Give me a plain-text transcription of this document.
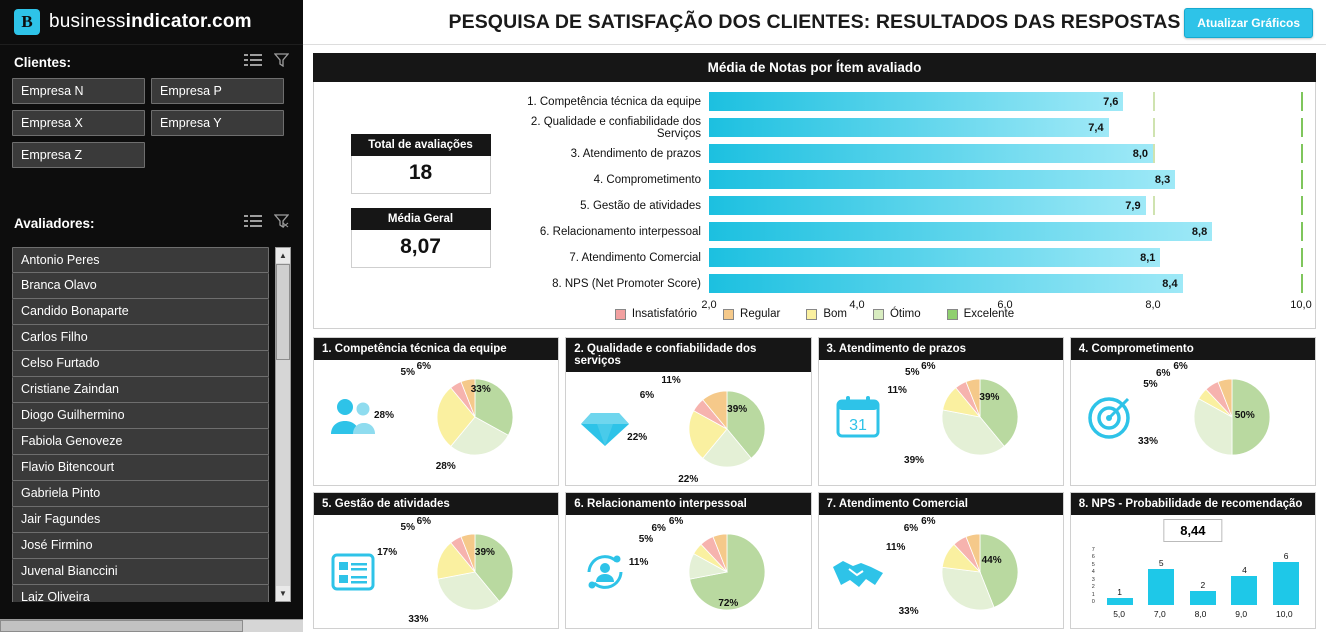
B businessindicator.com
Clientes:
Empresa N	Empresa P
Empresa X	Empresa Y
Empresa Z
Avaliadores:
Antonio Peres
Branca Olavo
Candido Bonaparte
Carlos Filho
Celso Furtado
Cristiane Zaindan
Diogo Guilhermino
Fabiola Genoveze
Flavio Bitencourt
Gabriela Pinto
Jair Fagundes
José Firmino
Juvenal Bianccini
Laiz Oliveira
▲
▼
PESQUISA DE SATISFAÇÃO DOS CLIENTES: RESULTADOS DAS RESPOSTAS	Atualizar Gráficos
Média de Notas por Ítem avaliado
Total de avaliações
18
Média Geral
8,07
1. Competência técnica da equipe	7,6
2. Qualidade e confiabilidade dos Serviços	7,4
3. Atendimento de prazos	8,0
4. Comprometimento	8,3
5. Gestão de atividades	7,9
6. Relacionamento interpessoal	8,8
7. Atendimento Comercial	8,1
8. NPS (Net Promoter Score)	8,4
2,0	4,0	6,0	8,0	10,0
Insatisfatório	Regular	Bom	Ótimo	Excelente
1. Competência técnica da equipe
33%
28%
28%
5%
6%
2. Qualidade e confiabilidade dos serviços
39%
22%
22%
6%
11%
3. Atendimento de prazos
31
39%
39%
11%
5%
6%
4. Comprometimento
50%
33%
5%
6%
6%
5. Gestão de atividades
39%
33%
17%
5%
6%
6. Relacionamento interpessoal
72%
11%
5%
6%
6%
7. Atendimento Comercial
44%
33%
11%
6%
6%
8. NPS - Probabilidade de recomendação
8,44
7
6
5
4
3
2
1
0
1
5
2
4
6
5,0	7,0	8,0	9,0	10,0
